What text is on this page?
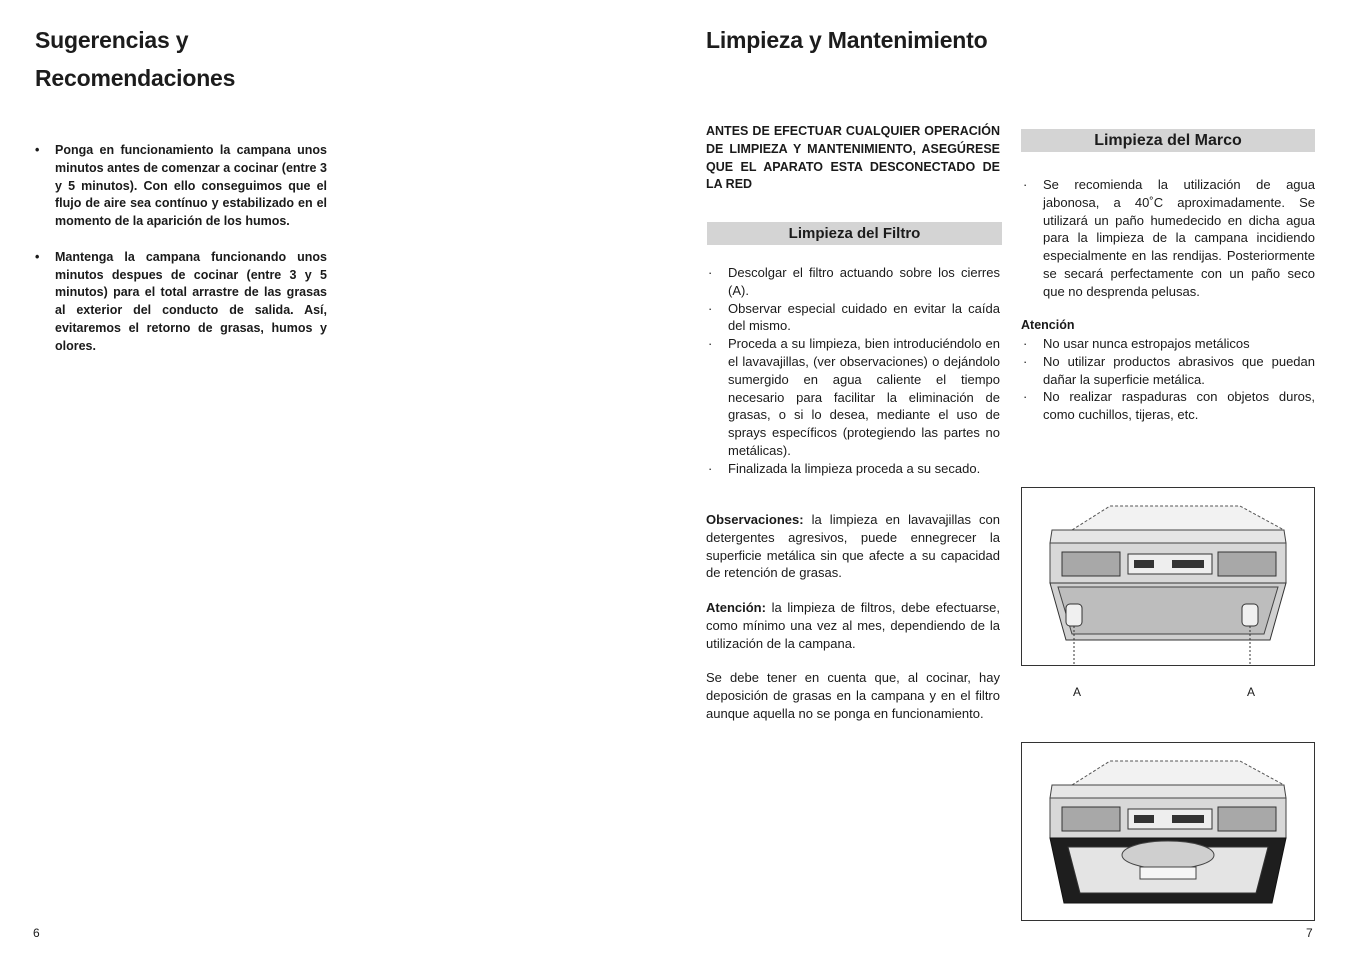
Sugerencias y
Recomendaciones
• Ponga en funcionamiento la campana unos minutos antes de comenzar a cocinar (entre 3 y 5 minutos). Con ello conseguimos que el flujo de aire sea contínuo y estabilizado en el momento de la aparición de los humos.
• Mantenga la campana funcionando unos minutos despues de cocinar (entre 3 y 5 minutos) para el total arrastre de las grasas al exterior del conducto de salida. Así, evitaremos el retorno de grasas, humos y olores.
6
Limpieza y Mantenimiento
ANTES DE EFECTUAR CUALQUIER OPERACIÓN DE LIMPIEZA Y MANTENIMIENTO, ASEGÚRESE QUE EL APARATO ESTA DESCONECTADO DE LA RED
Limpieza del Filtro
· Descolgar el filtro actuando sobre los cierres (A).
· Observar especial cuidado en evitar la caída del mismo.
· Proceda a su limpieza, bien introduciéndolo en el lavavajillas, (ver observaciones) o dejándolo sumergido en agua caliente el tiempo necesario para facilitar la eliminación de grasas, o si lo desea, mediante el uso de sprays específicos (protegiendo las partes no metálicas).
· Finalizada la limpieza proceda a su secado.
Observaciones: la limpieza en lavavajillas con detergentes agresivos, puede ennegrecer la superficie metálica sin que afecte a su capacidad de retención de grasas.
Atención: la limpieza de filtros, debe efectuarse, como mínimo una vez al mes, dependiendo de la utilización de la campana.
Se debe tener en cuenta que, al cocinar, hay deposición de grasas en la campana y en el filtro aunque aquella no se ponga en funcionamiento.
Limpieza del Marco
· Se recomienda la utilización de agua jabonosa, a 40˚C aproximadamente. Se utilizará un paño humedecido en dicha agua para la limpieza de la campana incidiendo especialmente en las rendijas. Posteriormente se secará perfectamente con un paño seco que no desprenda pelusas.
Atención
· No usar nunca estropajos metálicos
· No utilizar productos abrasivos que puedan dañar la superficie metálica.
· No realizar raspaduras con objetos duros, como cuchillos, tijeras, etc.
A	A
7
